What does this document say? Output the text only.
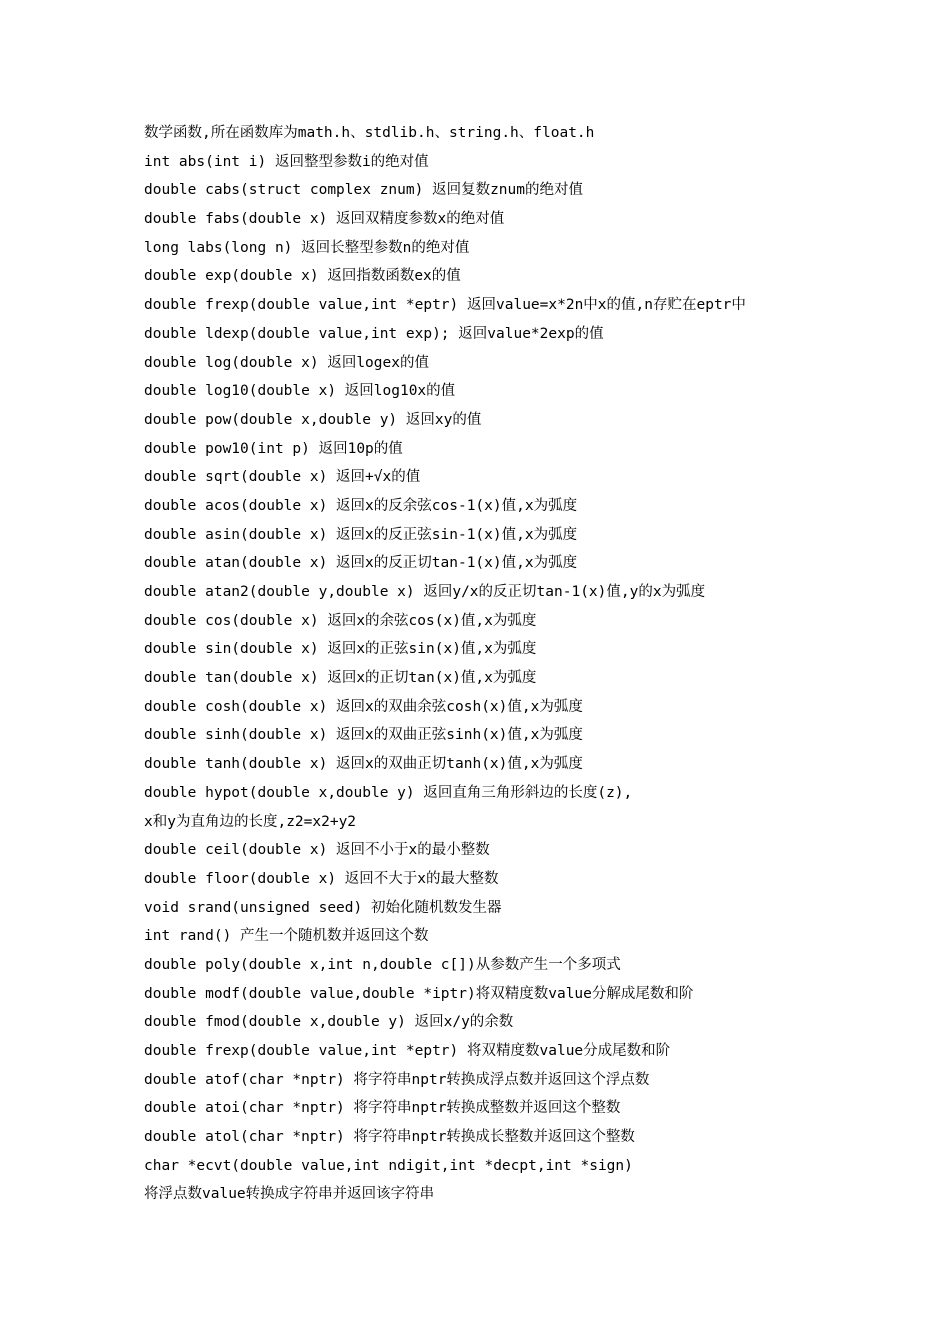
数学函数,所在函数库为math.h、stdlib.h、string.h、float.h
int abs(int i) 返回整型参数i的绝对值
double cabs(struct complex znum) 返回复数znum的绝对值
double fabs(double x) 返回双精度参数x的绝对值
long labs(long n) 返回长整型参数n的绝对值
double exp(double x) 返回指数函数ex的值
double frexp(double value,int *eptr) 返回value=x*2n中x的值,n存贮在eptr中
double ldexp(double value,int exp); 返回value*2exp的值
double log(double x) 返回logex的值
double log10(double x) 返回log10x的值
double pow(double x,double y) 返回xy的值
double pow10(int p) 返回10p的值
double sqrt(double x) 返回+√x的值
double acos(double x) 返回x的反余弦cos-1(x)值,x为弧度
double asin(double x) 返回x的反正弦sin-1(x)值,x为弧度
double atan(double x) 返回x的反正切tan-1(x)值,x为弧度
double atan2(double y,double x) 返回y/x的反正切tan-1(x)值,y的x为弧度
double cos(double x) 返回x的余弦cos(x)值,x为弧度
double sin(double x) 返回x的正弦sin(x)值,x为弧度
double tan(double x) 返回x的正切tan(x)值,x为弧度
double cosh(double x) 返回x的双曲余弦cosh(x)值,x为弧度
double sinh(double x) 返回x的双曲正弦sinh(x)值,x为弧度
double tanh(double x) 返回x的双曲正切tanh(x)值,x为弧度
double hypot(double x,double y) 返回直角三角形斜边的长度(z),
x和y为直角边的长度,z2=x2+y2
double ceil(double x) 返回不小于x的最小整数
double floor(double x) 返回不大于x的最大整数
void srand(unsigned seed) 初始化随机数发生器
int rand() 产生一个随机数并返回这个数
double poly(double x,int n,double c[])从参数产生一个多项式
double modf(double value,double *iptr)将双精度数value分解成尾数和阶
double fmod(double x,double y) 返回x/y的余数
double frexp(double value,int *eptr) 将双精度数value分成尾数和阶
double atof(char *nptr) 将字符串nptr转换成浮点数并返回这个浮点数
double atoi(char *nptr) 将字符串nptr转换成整数并返回这个整数
double atol(char *nptr) 将字符串nptr转换成长整数并返回这个整数
char *ecvt(double value,int ndigit,int *decpt,int *sign)
将浮点数value转换成字符串并返回该字符串
